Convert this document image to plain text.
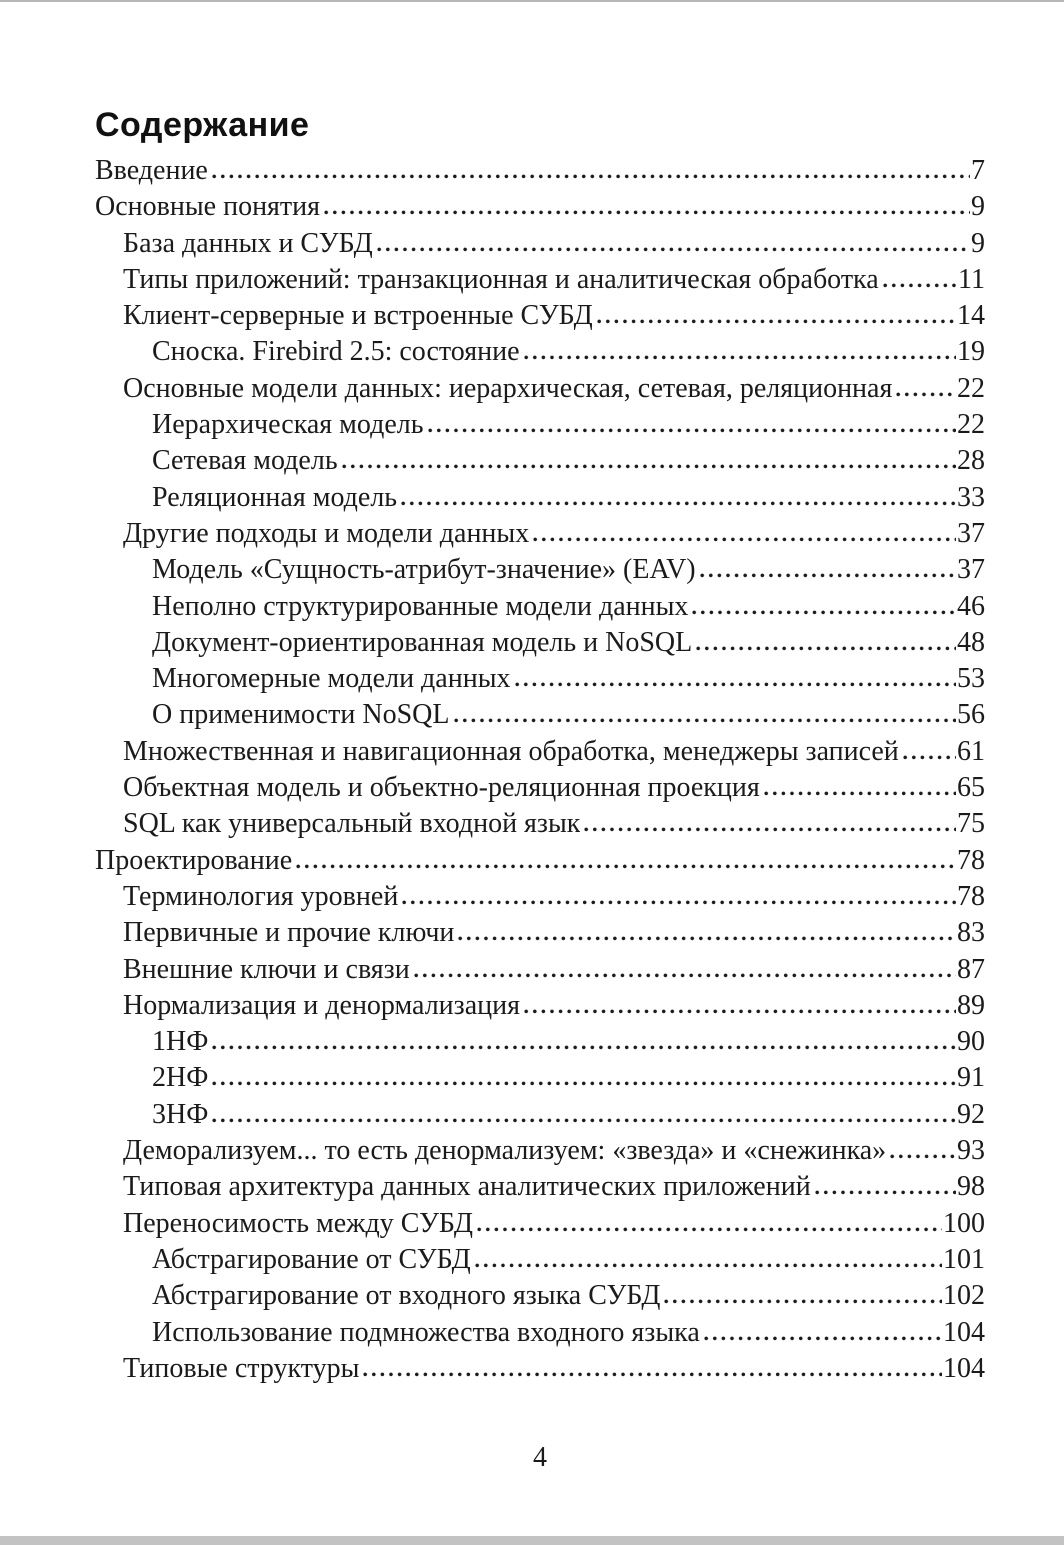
Содержание
Введение	7
Основные понятия	9
База данных и СУБД	9
Типы приложений: транзакционная и аналитическая обработка	11
Клиент-серверные и встроенные СУБД	14
Сноска. Firebird 2.5: состояние	19
Основные модели данных: иерархическая, сетевая, реляционная 22
Иерархическая модель	22
Сетевая модель	28
Реляционная модель	33
Другие подходы и модели данных	37
Модель «Сущность-атрибут-значение» (EAV)	37
Неполно структурированные модели данных	46
Документ-ориентированная модель и NoSQL	48
Многомерные модели данных	53
О применимости NoSQL	56
Множественная и навигационная обработка, менеджеры записей 61
Объектная модель и объектно-реляционная проекция	65
SQL как универсальный входной язык	75
Проектирование	78
Терминология уровней	78
Первичные и прочие ключи	83
Внешние ключи и связи	87
Нормализация и денормализация	89
1НФ	90
2НФ	91
3НФ	92
Деморализуем... то есть денормализуем: «звезда» и «снежинка»	93
Типовая архитектура данных аналитических приложений	98
Переносимость между СУБД	100
Абстрагирование от СУБД	101
Абстрагирование от входного языка СУБД	102
Использование подмножества входного языка	104
Типовые структуры	104
4
